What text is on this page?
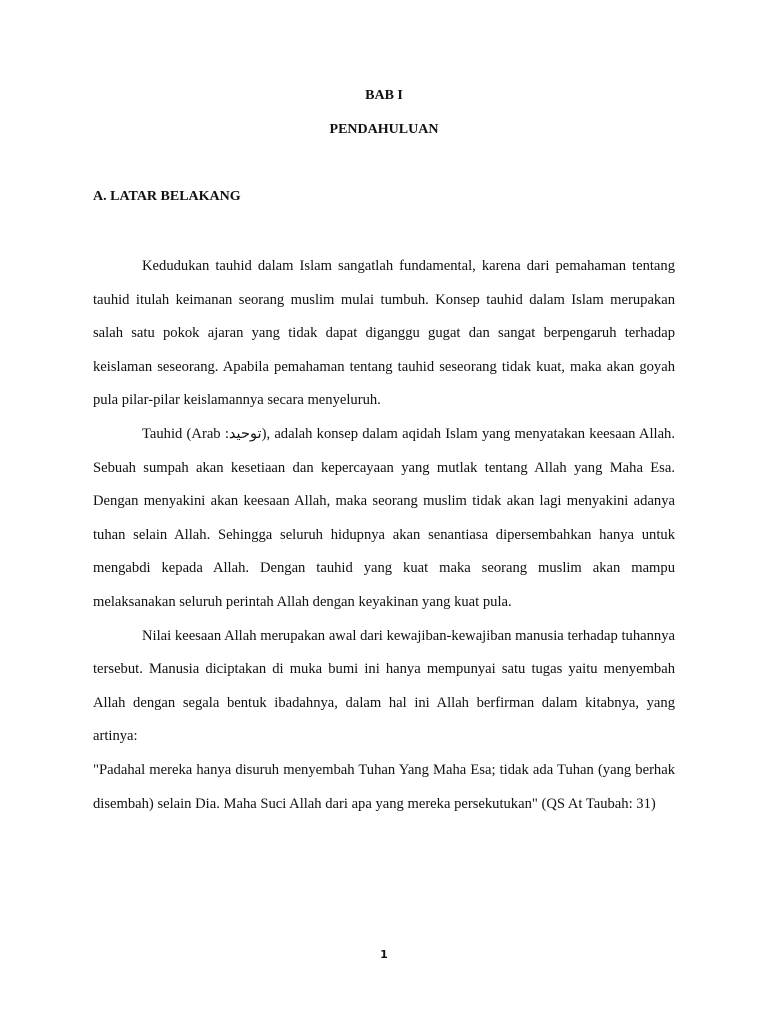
BAB I
PENDAHULUAN
A. LATAR BELAKANG

Kedudukan tauhid dalam Islam sangatlah fundamental, karena dari pemahaman tentang tauhid itulah keimanan seorang muslim mulai tumbuh. Konsep tauhid dalam Islam merupakan salah satu pokok ajaran yang tidak dapat diganggu gugat dan sangat berpengaruh terhadap keislaman seseorang. Apabila pemahaman tentang tauhid seseorang tidak kuat, maka akan goyah pula pilar-pilar keislamannya secara menyeluruh.

Tauhid (Arab :توحيد), adalah konsep dalam aqidah Islam yang menyatakan keesaan Allah. Sebuah sumpah akan kesetiaan dan kepercayaan yang mutlak tentang Allah yang Maha Esa. Dengan menyakini akan keesaan Allah, maka seorang muslim tidak akan lagi menyakini adanya tuhan selain Allah. Sehingga seluruh hidupnya akan senantiasa dipersembahkan hanya untuk mengabdi kepada Allah. Dengan tauhid yang kuat maka seorang muslim akan mampu melaksanakan seluruh perintah Allah dengan keyakinan yang kuat pula.

Nilai keesaan Allah merupakan awal dari kewajiban-kewajiban manusia terhadap tuhannya tersebut. Manusia diciptakan di muka bumi ini hanya mempunyai satu tugas yaitu menyembah Allah dengan segala bentuk ibadahnya, dalam hal ini Allah berfirman dalam kitabnya, yang artinya:

"Padahal mereka hanya disuruh menyembah Tuhan Yang Maha Esa; tidak ada Tuhan (yang berhak disembah) selain Dia. Maha Suci Allah dari apa yang mereka persekutukan" (QS At Taubah: 31)

1
